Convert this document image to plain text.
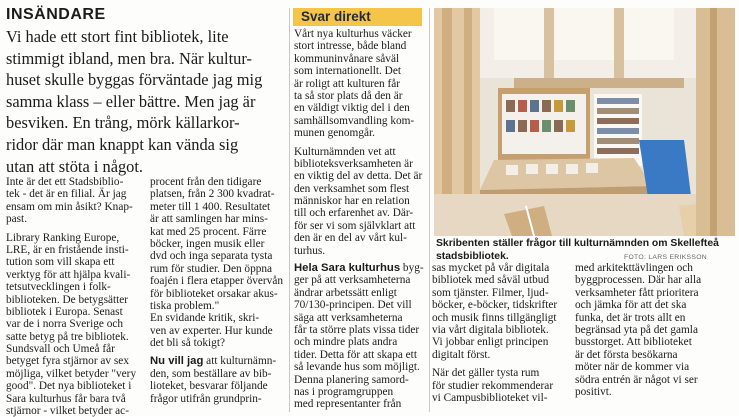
INSÄNDARE
Vi hade ett stort fint bibliotek, lite
stimmigt ibland, men bra. När kultur-
huset skulle byggas förväntade jag mig
samma klass – eller bättre. Men jag är
besviken. En trång, mörk källarkor-
ridor där man knappt kan vända sig
utan att stöta i något.
Svar direkt
Inte är det ett Stadsbiblio-
tek - det är en filial. Är jag
ensam om min åsikt? Knap-
past.
Library Ranking Europe,
LRE, är en fristående insti-
tution som vill skapa ett
verktyg för att hjälpa kvali-
tetsutvecklingen i folk-
biblioteken. De betygsätter
bibliotek i Europa. Senast
var de i norra Sverige och
satte betyg på tre bibliotek.
Sundsvall och Umeå får
betyget fyra stjärnor av sex
möjliga, vilket betyder "very
good". Det nya biblioteket i
Sara kulturhus får bara två
stjärnor - vilket betyder ac-
procent från den tidigare
platsen, från 2 300 kvadrat-
meter till 1 400. Resultatet
är att samlingen har mins-
kat med 25 procent. Färre
böcker, ingen musik eller
dvd och inga separata tysta
rum för studier. Den öppna
foajén i flera etapper övervån
för biblioteket orsakar akus-
tiska problem."
En svidande kritik, skri-
ven av experter. Hur kunde
det bli så tokigt?
Nu vill jag att kulturnämn-
den, som beställare av bib-
lioteket, besvarar följande
frågor utifrån grundprin-
Vårt nya kulturhus väcker
stort intresse, både bland
kommuninvånare såväl
som internationellt. Det
är roligt att kulturen får
ta så stor plats då den är
en väldigt viktig del i den
samhällsomvandling kom-
munen genomgår.
Kulturnämnden vet att
biblioteksverksamheten är
en viktig del av detta. Det är
den verksamhet som flest
människor har en relation
till och erfarenhet av. Där-
för ser vi som självklart att
den är en del av vårt kul-
turhus.
Hela Sara kulturhus byg-
ger på att verksamheterna
ändrar arbetssätt enligt
70/130-principen. Det vill
säga att verksamheterna
får ta större plats vissa tider
och mindre plats andra
tider. Detta för att skapa ett
så levande hus som möjligt.
Denna planering samord-
nas i programgruppen
med representanter från
sas mycket på vår digitala
bibliotek med såväl utbud
som tjänster. Filmer, ljud-
böcker, e-böcker, tidskrifter
och musik finns tillgängligt
via vårt digitala bibliotek.
Vi jobbar enligt principen
digitalt först.
När det gäller tysta rum
för studier rekommenderar
vi Campusbiblioteket vil-
med arkitekttävlingen och
byggprocessen. Där har alla
verksamheter fått prioritera
och jämka för att det ska
funka, det är trots allt en
begränsad yta på det gamla
busstorget. Att biblioteket
är det första besökarna
möter när de kommer via
södra entrén är något vi ser
positivt.
Skribenten ställer frågor till kulturnämnden om Skellefteå
stadsbibliotek.	FOTO: LARS ERIKSSON
